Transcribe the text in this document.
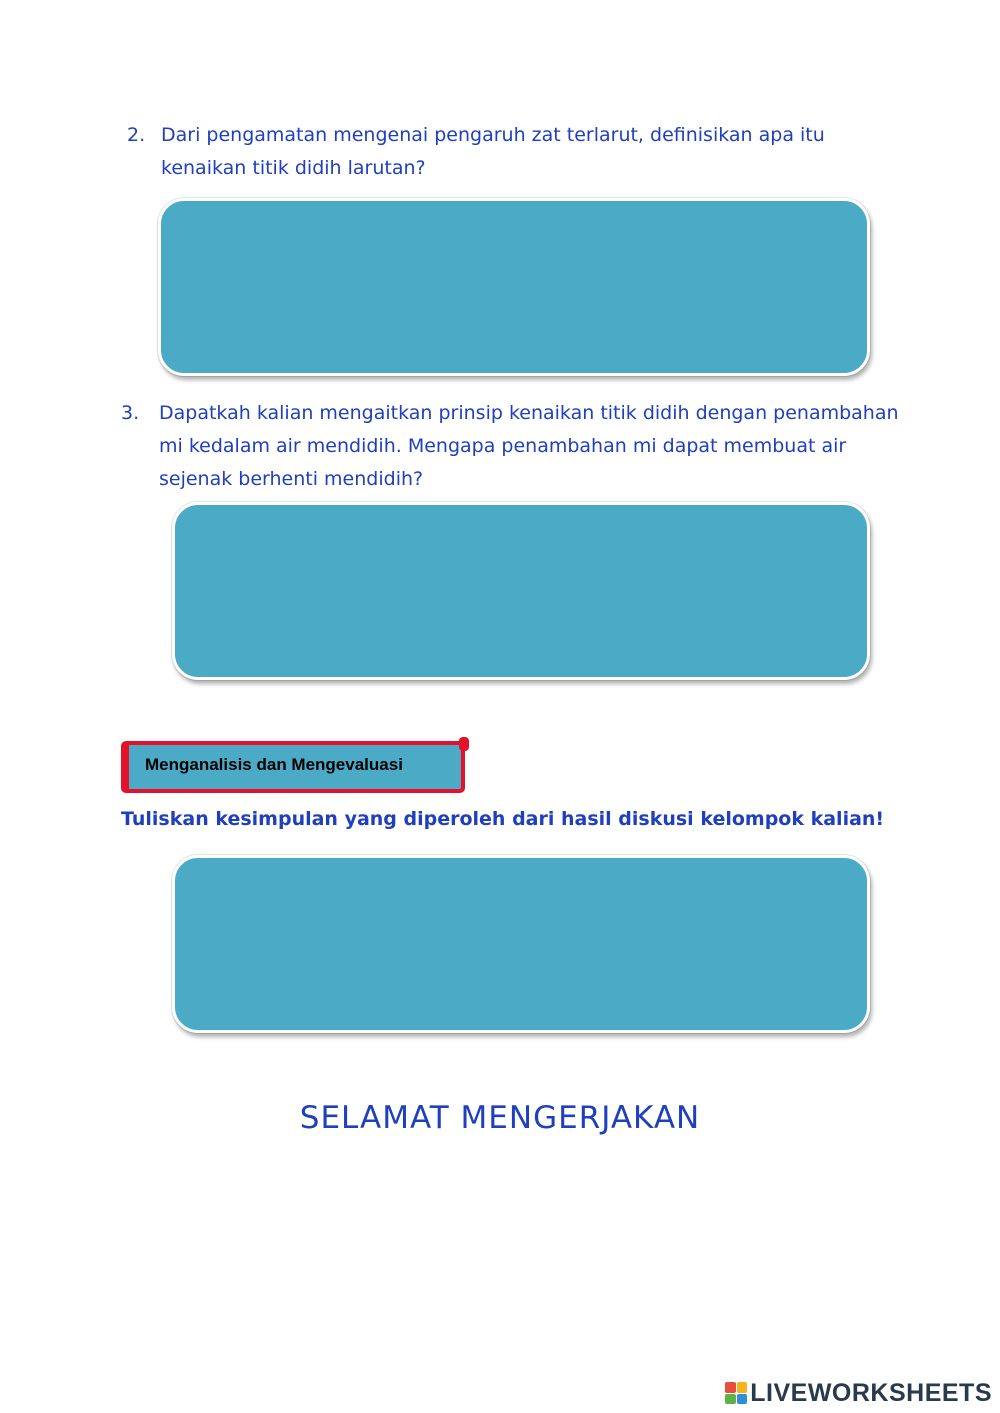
2. Dari pengamatan mengenai pengaruh zat terlarut, definisikan apa itu
kenaikan titik didih larutan?
3. Dapatkah kalian mengaitkan prinsip kenaikan titik didih dengan penambahan
mi kedalam air mendidih. Mengapa penambahan mi dapat membuat air
sejenak berhenti mendidih?
Menganalisis dan Mengevaluasi
Tuliskan kesimpulan yang diperoleh dari hasil diskusi kelompok kalian!
SELAMAT MENGERJAKAN
LIVEWORKSHEETS
